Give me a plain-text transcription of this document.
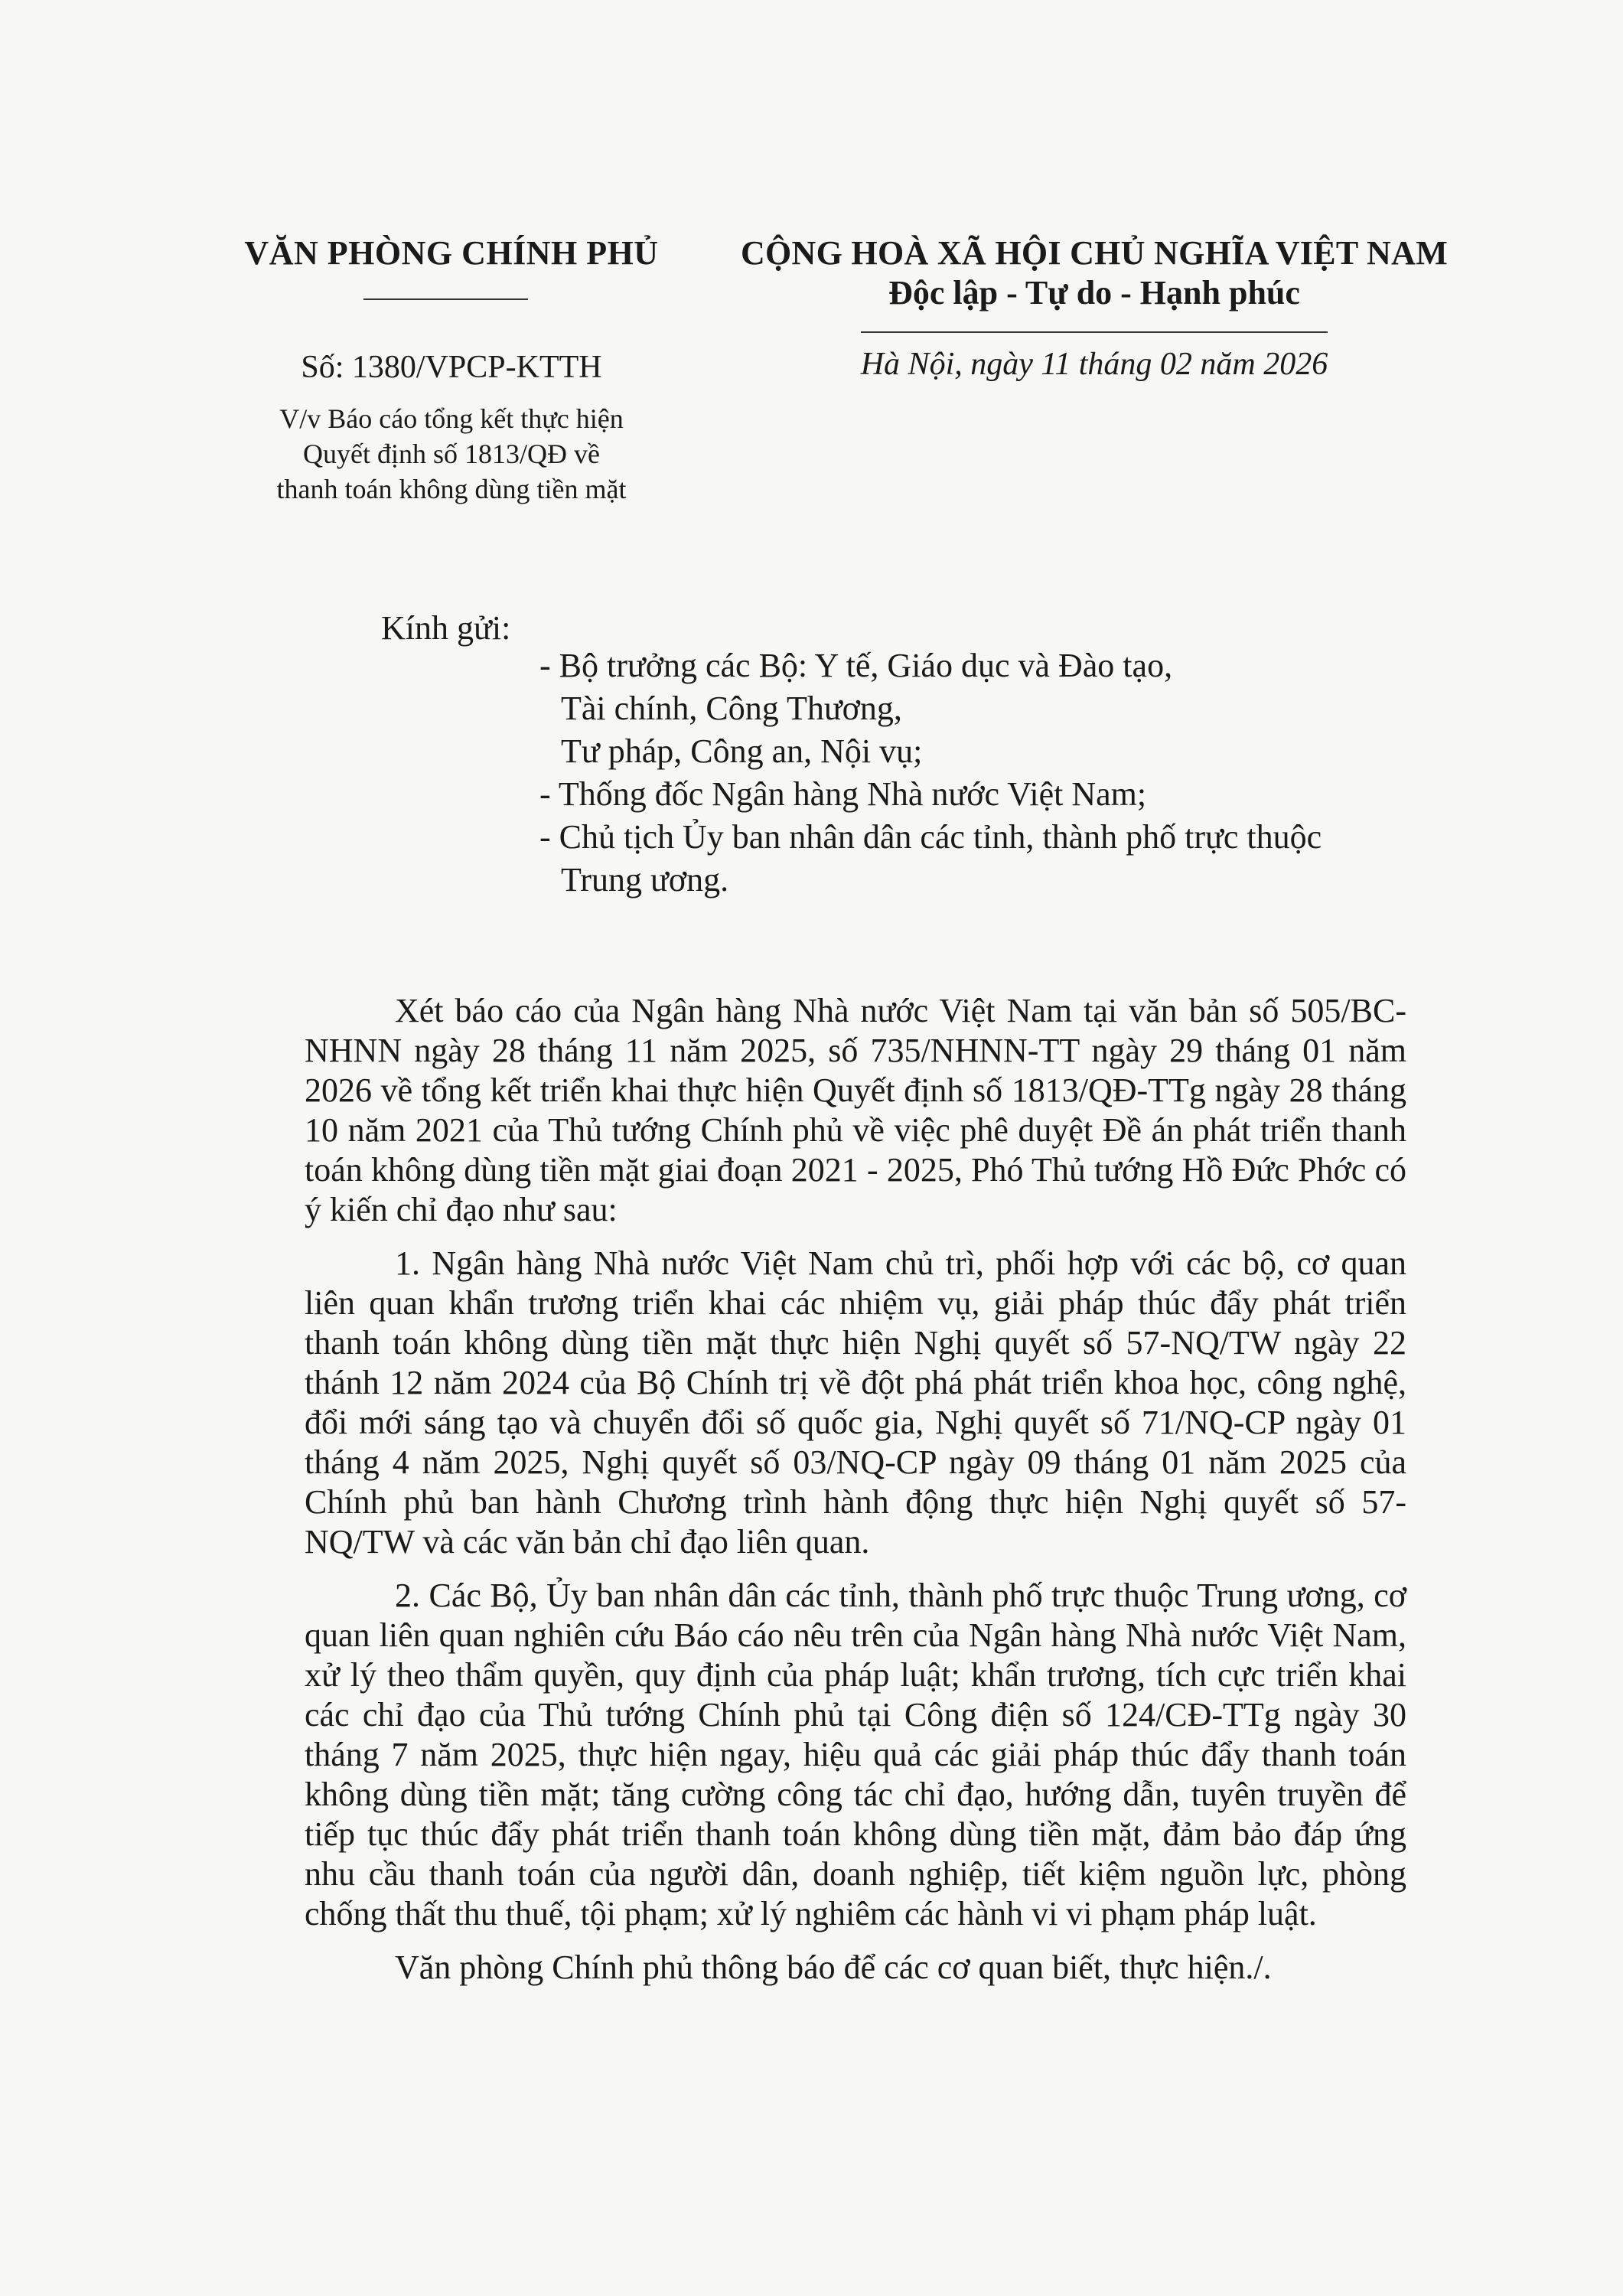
VĂN PHÒNG CHÍNH PHỦ	CỘNG HOÀ XÃ HỘI CHỦ NGHĨA VIỆT NAM
Độc lập - Tự do - Hạnh phúc
Số: 1380/VPCP-KTTH	Hà Nội, ngày 11 tháng 02 năm 2026
V/v Báo cáo tổng kết thực hiện
Quyết định số 1813/QĐ về
thanh toán không dùng tiền mặt
Kính gửi:
- Bộ trưởng các Bộ: Y tế, Giáo dục và Đào tạo,
Tài chính, Công Thương,
Tư pháp, Công an, Nội vụ;
- Thống đốc Ngân hàng Nhà nước Việt Nam;
- Chủ tịch Ủy ban nhân dân các tỉnh, thành phố trực thuộc
Trung ương.

Xét báo cáo của Ngân hàng Nhà nước Việt Nam tại văn bản số 505/BC-NHNN ngày 28 tháng 11 năm 2025, số 735/NHNN-TT ngày 29 tháng 01 năm 2026 về tổng kết triển khai thực hiện Quyết định số 1813/QĐ-TTg ngày 28 tháng 10 năm 2021 của Thủ tướng Chính phủ về việc phê duyệt Đề án phát triển thanh toán không dùng tiền mặt giai đoạn 2021 - 2025, Phó Thủ tướng Hồ Đức Phớc có ý kiến chỉ đạo như sau:

1. Ngân hàng Nhà nước Việt Nam chủ trì, phối hợp với các bộ, cơ quan liên quan khẩn trương triển khai các nhiệm vụ, giải pháp thúc đẩy phát triển thanh toán không dùng tiền mặt thực hiện Nghị quyết số 57-NQ/TW ngày 22 thánh 12 năm 2024 của Bộ Chính trị về đột phá phát triển khoa học, công nghệ, đổi mới sáng tạo và chuyển đổi số quốc gia, Nghị quyết số 71/NQ-CP ngày 01 tháng 4 năm 2025, Nghị quyết số 03/NQ-CP ngày 09 tháng 01 năm 2025 của Chính phủ ban hành Chương trình hành động thực hiện Nghị quyết số 57-NQ/TW và các văn bản chỉ đạo liên quan.

2. Các Bộ, Ủy ban nhân dân các tỉnh, thành phố trực thuộc Trung ương, cơ quan liên quan nghiên cứu Báo cáo nêu trên của Ngân hàng Nhà nước Việt Nam, xử lý theo thẩm quyền, quy định của pháp luật; khẩn trương, tích cực triển khai các chỉ đạo của Thủ tướng Chính phủ tại Công điện số 124/CĐ-TTg ngày 30 tháng 7 năm 2025, thực hiện ngay, hiệu quả các giải pháp thúc đẩy thanh toán không dùng tiền mặt; tăng cường công tác chỉ đạo, hướng dẫn, tuyên truyền để tiếp tục thúc đẩy phát triển thanh toán không dùng tiền mặt, đảm bảo đáp ứng nhu cầu thanh toán của người dân, doanh nghiệp, tiết kiệm nguồn lực, phòng chống thất thu thuế, tội phạm; xử lý nghiêm các hành vi vi phạm pháp luật.

Văn phòng Chính phủ thông báo để các cơ quan biết, thực hiện./.
